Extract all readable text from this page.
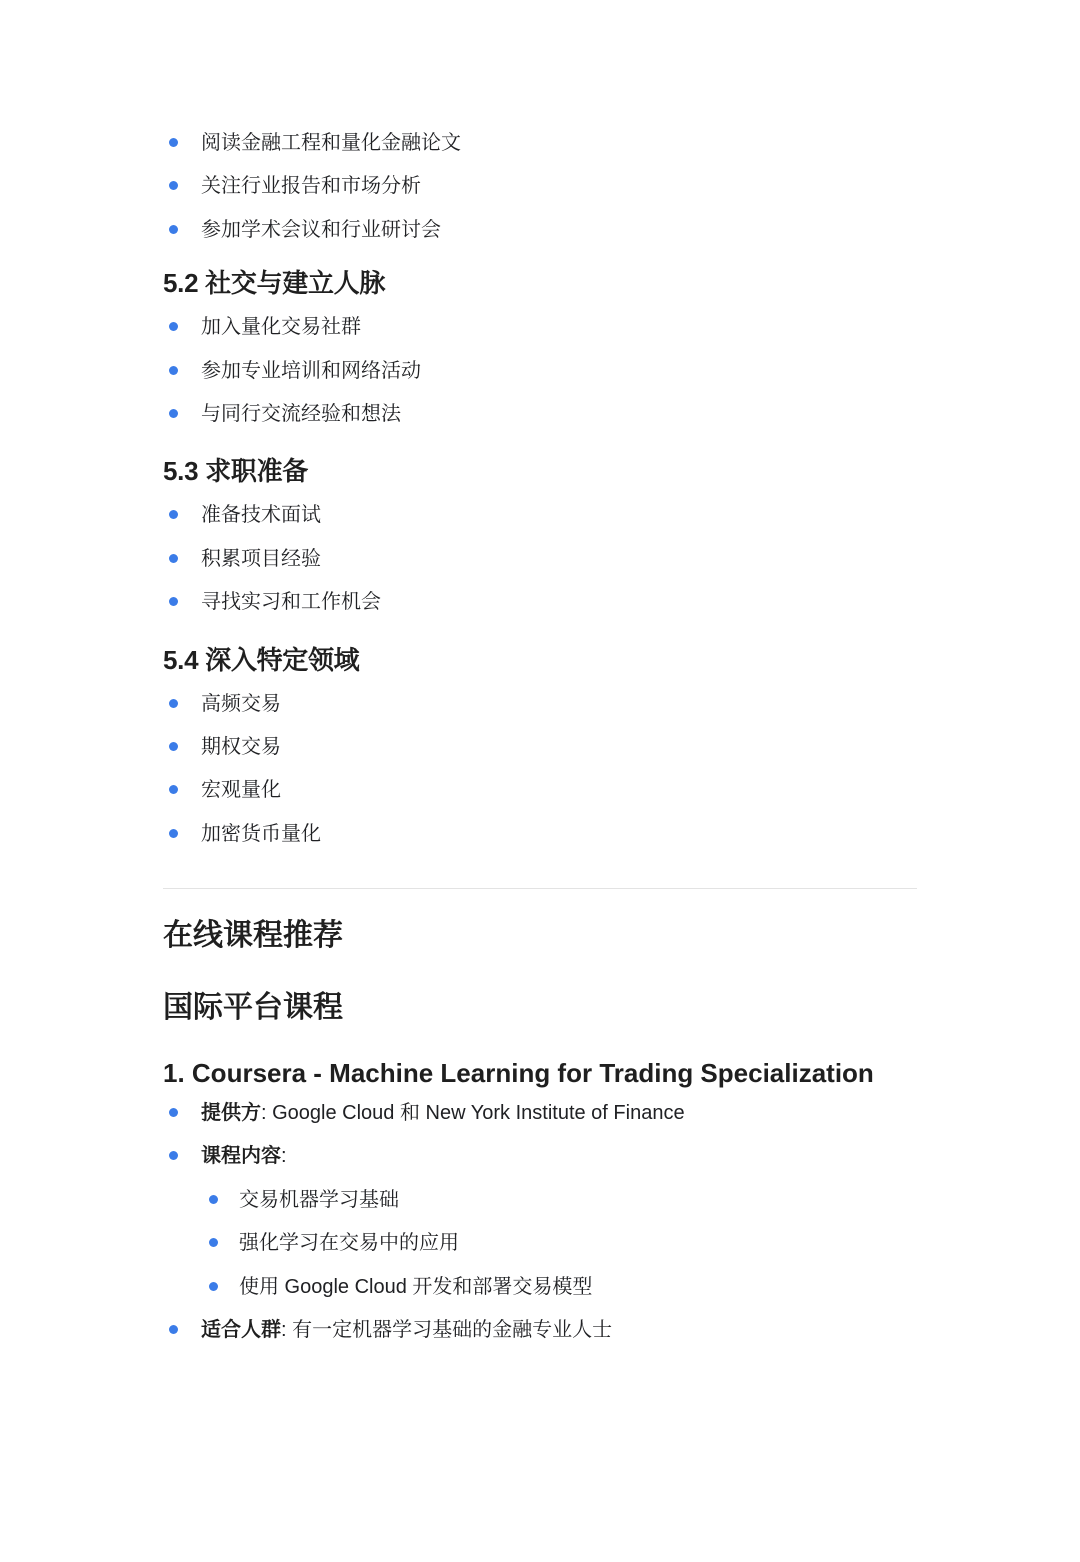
阅读金融工程和量化金融论文
关注行业报告和市场分析
参加学术会议和行业研讨会
5.2 社交与建立人脉
加入量化交易社群
参加专业培训和网络活动
与同行交流经验和想法
5.3 求职准备
准备技术面试
积累项目经验
寻找实习和工作机会
5.4 深入特定领域
高频交易
期权交易
宏观量化
加密货币量化
在线课程推荐
国际平台课程
1. Coursera - Machine Learning for Trading Specialization
提供方: Google Cloud 和 New York Institute of Finance
课程内容:
交易机器学习基础
强化学习在交易中的应用
使用 Google Cloud 开发和部署交易模型
适合人群: 有一定机器学习基础的金融专业人士
